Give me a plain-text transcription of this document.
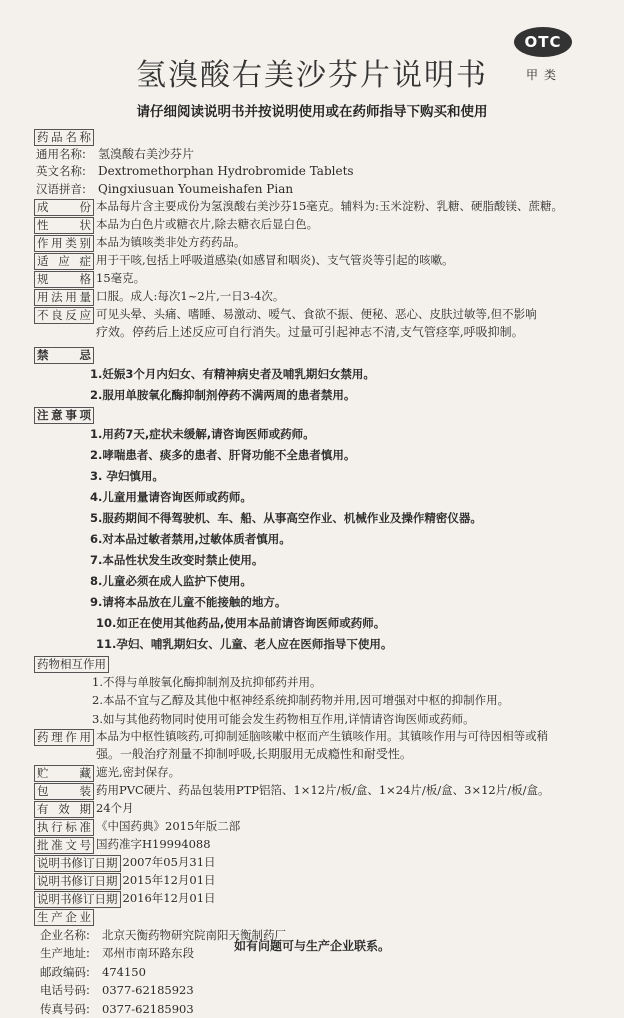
OTC
甲类
氢溴酸右美沙芬片说明书
请仔细阅读说明书并按说明使用或在药师指导下购买和使用
药品名称
通用名称: 氢溴酸右美沙芬片
英文名称: Dextromethorphan Hydrobromide Tablets
汉语拼音: Qingxiusuan Youmeishafen Pian
成 份 本品每片含主要成份为氢溴酸右美沙芬15毫克。辅料为:玉米淀粉、乳糖、硬脂酸镁、蔗糖。
性 状 本品为白色片或糖衣片,除去糖衣后显白色。
作用类别 本品为镇咳类非处方药药品。
适 应 症 用于干咳,包括上呼吸道感染(如感冒和咽炎)、支气管炎等引起的咳嗽。
规 格 15毫克。
用法用量 口服。成人:每次1~2片,一日3-4次。
不良反应 可见头晕、头痛、嗜睡、易激动、嗳气、食欲不振、便秘、恶心、皮肤过敏等,但不影响
疗效。停药后上述反应可自行消失。过量可引起神志不清,支气管痉挛,呼吸抑制。
禁 忌
1.妊娠3个月内妇女、有精神病史者及哺乳期妇女禁用。
2.服用单胺氧化酶抑制剂停药不满两周的患者禁用。
注意事项
1.用药7天,症状未缓解,请咨询医师或药师。
2.哮喘患者、痰多的患者、肝肾功能不全患者慎用。
3. 孕妇慎用。
4.儿童用量请咨询医师或药师。
5.服药期间不得驾驶机、车、船、从事高空作业、机械作业及操作精密仪器。
6.对本品过敏者禁用,过敏体质者慎用。
7.本品性状发生改变时禁止使用。
8.儿童必须在成人监护下使用。
9.请将本品放在儿童不能接触的地方。
10.如正在使用其他药品,使用本品前请咨询医师或药师。
11.孕妇、哺乳期妇女、儿童、老人应在医师指导下使用。
药物相互作用
1.不得与单胺氧化酶抑制剂及抗抑郁药并用。
2.本品不宜与乙醇及其他中枢神经系统抑制药物并用,因可增强对中枢的抑制作用。
3.如与其他药物同时使用可能会发生药物相互作用,详情请咨询医师或药师。
药理作用 本品为中枢性镇咳药,可抑制延脑咳嗽中枢而产生镇咳作用。其镇咳作用与可待因相等或稍
强。一般治疗剂量不抑制呼吸,长期服用无成瘾性和耐受性。
贮 藏 遮光,密封保存。
包 装 药用PVC硬片、药品包装用PTP铝箔、1×12片/板/盒、1×24片/板/盒、3×12片/板/盒。
有 效 期 24个月
执行标准 《中国药典》2015年版二部
批准文号 国药准字H19994088
说明书修订日期 2007年05月31日
说明书修订日期 2015年12月01日
说明书修订日期 2016年12月01日
生产企业
企业名称: 北京天衡药物研究院南阳天衡制药厂
生产地址: 邓州市南环路东段
邮政编码: 474150
电话号码: 0377-62185923
传真号码: 0377-62185903
如有问题可与生产企业联系。
